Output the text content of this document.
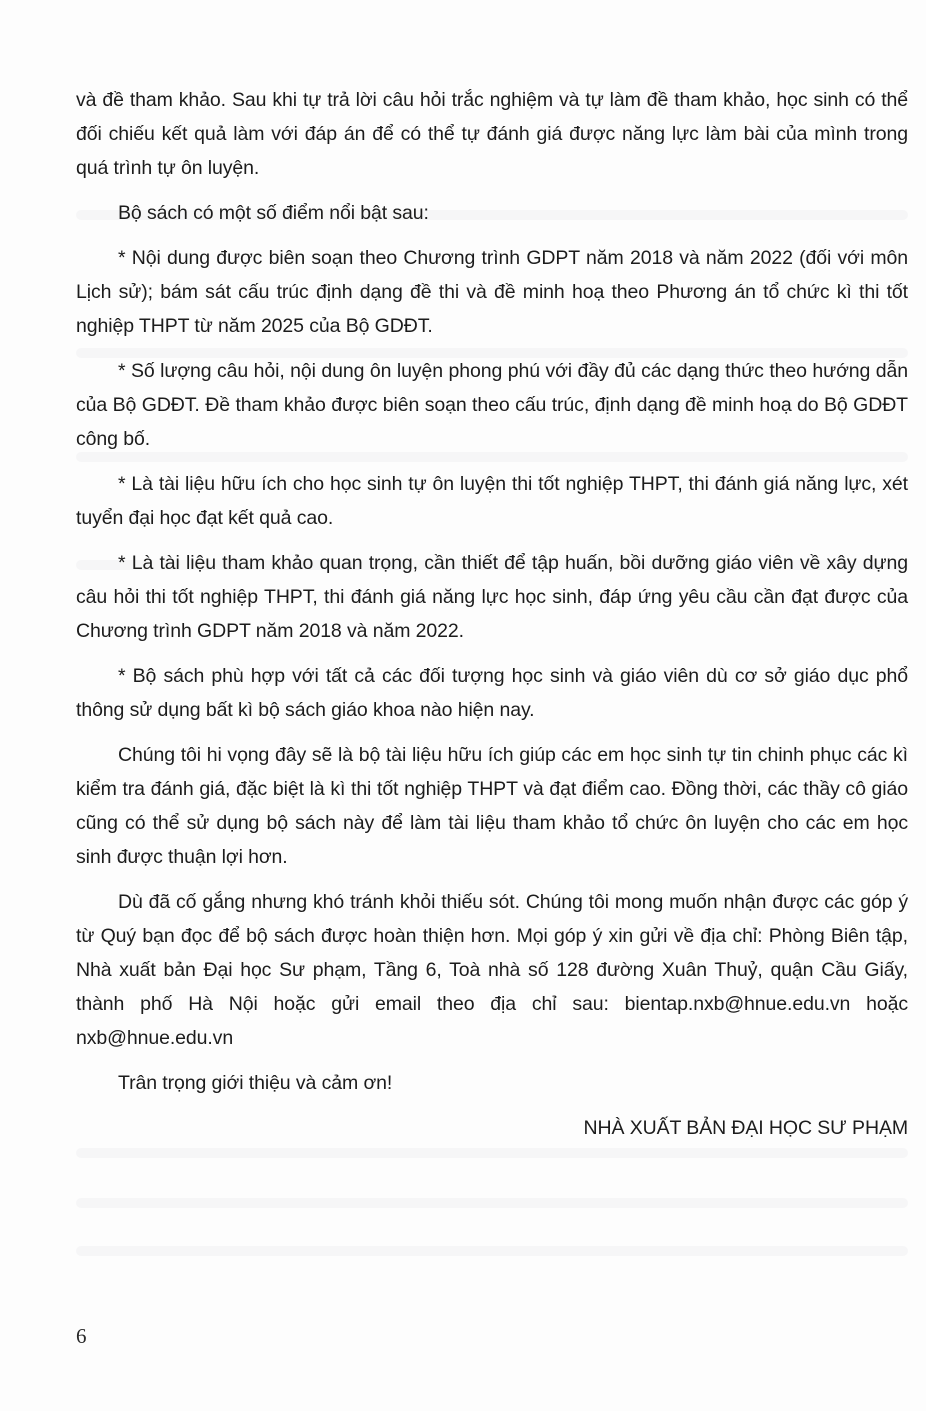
và đề tham khảo. Sau khi tự trả lời câu hỏi trắc nghiệm và tự làm đề tham khảo, học sinh có thể đối chiếu kết quả làm với đáp án để có thể tự đánh giá được năng lực làm bài của mình trong quá trình tự ôn luyện.

Bộ sách có một số điểm nổi bật sau:

* Nội dung được biên soạn theo Chương trình GDPT năm 2018 và năm 2022 (đối với môn Lịch sử); bám sát cấu trúc định dạng đề thi và đề minh hoạ theo Phương án tổ chức kì thi tốt nghiệp THPT từ năm 2025 của Bộ GDĐT.

* Số lượng câu hỏi, nội dung ôn luyện phong phú với đầy đủ các dạng thức theo hướng dẫn của Bộ GDĐT. Đề tham khảo được biên soạn theo cấu trúc, định dạng đề minh hoạ do Bộ GDĐT công bố.

* Là tài liệu hữu ích cho học sinh tự ôn luyện thi tốt nghiệp THPT, thi đánh giá năng lực, xét tuyển đại học đạt kết quả cao.

* Là tài liệu tham khảo quan trọng, cần thiết để tập huấn, bồi dưỡng giáo viên về xây dựng câu hỏi thi tốt nghiệp THPT, thi đánh giá năng lực học sinh, đáp ứng yêu cầu cần đạt được của Chương trình GDPT năm 2018 và năm 2022.

* Bộ sách phù hợp với tất cả các đối tượng học sinh và giáo viên dù cơ sở giáo dục phổ thông sử dụng bất kì bộ sách giáo khoa nào hiện nay.

Chúng tôi hi vọng đây sẽ là bộ tài liệu hữu ích giúp các em học sinh tự tin chinh phục các kì kiểm tra đánh giá, đặc biệt là kì thi tốt nghiệp THPT và đạt điểm cao. Đồng thời, các thầy cô giáo cũng có thể sử dụng bộ sách này để làm tài liệu tham khảo tổ chức ôn luyện cho các em học sinh được thuận lợi hơn.

Dù đã cố gắng nhưng khó tránh khỏi thiếu sót. Chúng tôi mong muốn nhận được các góp ý từ Quý bạn đọc để bộ sách được hoàn thiện hơn. Mọi góp ý xin gửi về địa chỉ: Phòng Biên tập, Nhà xuất bản Đại học Sư phạm, Tầng 6, Toà nhà số 128 đường Xuân Thuỷ, quận Cầu Giấy, thành phố Hà Nội hoặc gửi email theo địa chỉ sau: bientap.nxb@hnue.edu.vn hoặc nxb@hnue.edu.vn

Trân trọng giới thiệu và cảm ơn!

NHÀ XUẤT BẢN ĐẠI HỌC SƯ PHẠM

6
